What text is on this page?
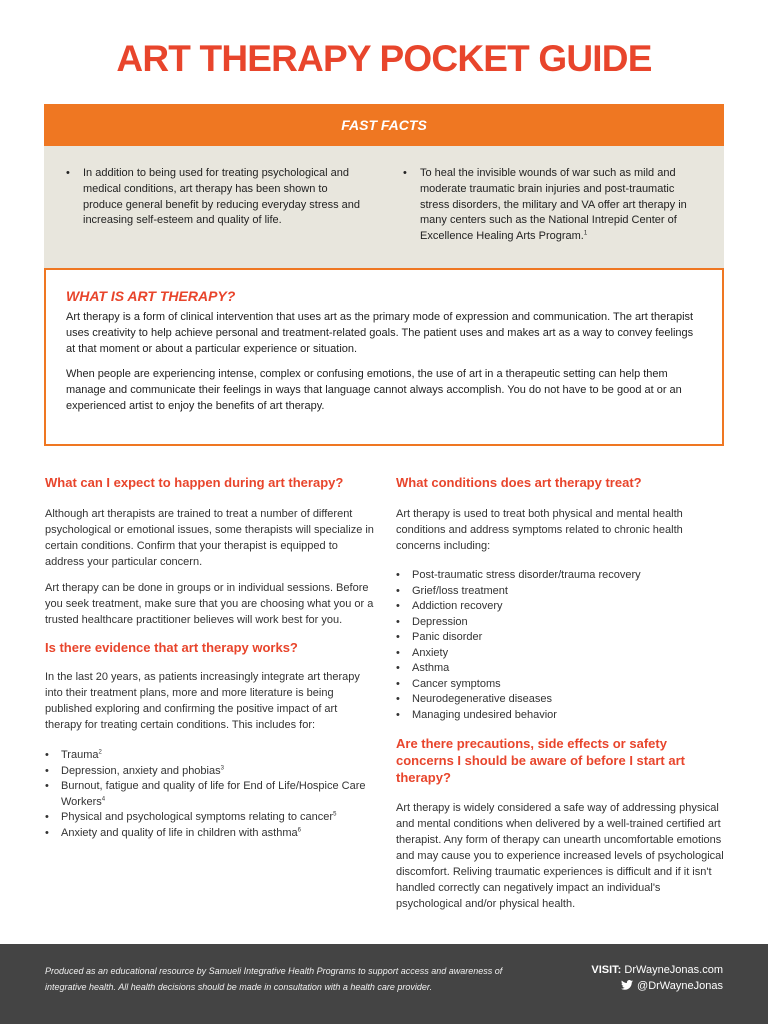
ART THERAPY POCKET GUIDE
FAST FACTS
• In addition to being used for treating psychological and medical conditions, art therapy has been shown to produce general benefit by reducing everyday stress and increasing self-esteem and quality of life.
• To heal the invisible wounds of war such as mild and moderate traumatic brain injuries and post-traumatic stress disorders, the military and VA offer art therapy in many centers such as the National Intrepid Center of Excellence Healing Arts Program.$^1$
WHAT IS ART THERAPY?

Art therapy is a form of clinical intervention that uses art as the primary mode of expression and communication. The art therapist uses creativity to help achieve personal and treatment-related goals. The patient uses and makes art as a way to convey feelings at that moment or about a particular experience or situation.

When people are experiencing intense, complex or confusing emotions, the use of art in a therapeutic setting can help them manage and communicate their feelings in ways that language cannot always accomplish. You do not have to be good at or an experienced artist to enjoy the benefits of art therapy.

What can I expect to happen during art therapy?

Although art therapists are trained to treat a number of different psychological or emotional issues, some therapists will specialize in certain conditions. Confirm that your therapist is equipped to address your particular concern.

Art therapy can be done in groups or in individual sessions. Before you seek treatment, make sure that you are choosing what you or a trusted healthcare practitioner believes will work best for you.

Is there evidence that art therapy works?

In the last 20 years, as patients increasingly integrate art therapy into their treatment plans, more and more literature is being published exploring and confirming the positive impact of art therapy for treating certain conditions. This includes for:

• Trauma$^2$
• Depression, anxiety and phobias$^3$
• Burnout, fatigue and quality of life for End of Life/Hospice Care Workers$^4$
• Physical and psychological symptoms relating to cancer$^5$
• Anxiety and quality of life in children with asthma$^6$
What conditions does art therapy treat?

Art therapy is used to treat both physical and mental health conditions and address symptoms related to chronic health concerns including:

• Post-traumatic stress disorder/trauma recovery
• Grief/loss treatment
• Addiction recovery
• Depression
• Panic disorder
• Anxiety
• Asthma
• Cancer symptoms
• Neurodegenerative diseases
• Managing undesired behavior
Are there precautions, side effects or safety concerns I should be aware of before I start art therapy?

Art therapy is widely considered a safe way of addressing physical and mental conditions when delivered by a well-trained certified art therapist. Any form of therapy can unearth uncomfortable emotions and may cause you to experience increased levels of psychological discomfort. Reliving traumatic experiences is difficult and if it isn't handled correctly can negatively impact an individual's psychological and/or physical health.

Produced as an educational resource by Samueli Integrative Health Programs to support access and awareness of integrative health. All health decisions should be made in consultation with a health care provider.
VISIT: DrWayneJonas.com
@DrWayneJonas
